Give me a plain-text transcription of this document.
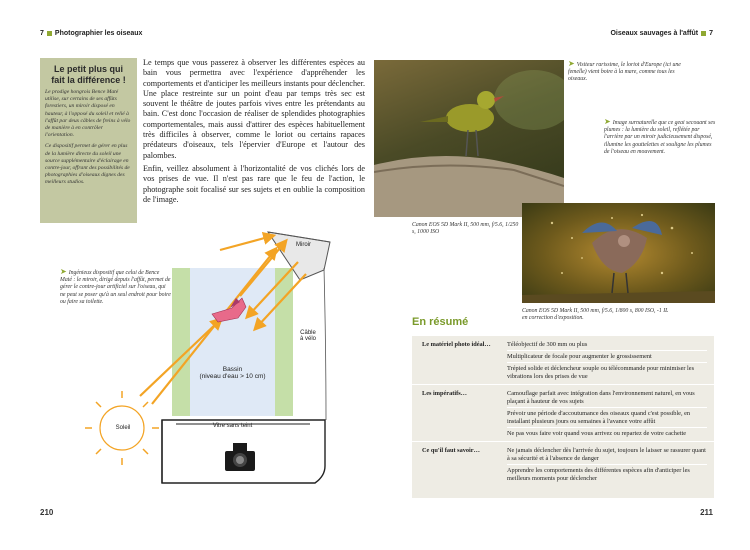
7 Photographier les oiseaux
Le petit plus qui
fait la différence !

Le prodige hongrois Bence Maté utilise, sur certains de ses affûts forestiers, un miroir disposé en hauteur, à l'opposé du soleil et relié à l'affût par deux câbles de freins à vélo de manière à en contrôler l'orientation.

Ce dispositif permet de gérer en plus de la lumière directe du soleil une source supplémentaire d'éclairage en contre-jour, offrant des possibilités de photographies d'oiseaux dignes des meilleurs studios.

Le temps que vous passerez à observer les différentes espèces au bain vous permettra avec l'expérience d'appréhender les comportements et d'anticiper les meilleurs instants pour déclencher. Une place restreinte sur un point d'eau par temps très sec est souvent le théâtre de joutes parfois vives entre les prétendants au bain. C'est donc l'occasion de réaliser de splendides photographies comportementales, mais aussi d'attirer des espèces habituellement très difficiles à observer, comme le loriot ou certains rapaces prédateurs d'oiseaux, tels l'épervier d'Europe et l'autour des palombes.

Enfin, veillez absolument à l'horizontalité de vos clichés lors de vos prises de vue. Il n'est pas rare que le feu de l'action, le photographe soit focalisé sur ses sujets et en oublie la composition de l'image.

➤ Ingénieux dispositif que celui de Bence Maté : le miroir, dirigé depuis l'affût, permet de gérer le contre-jour artificiel sur l'oiseau, qui ne peut se poser qu'à un seul endroit pour boire ou faire sa toilette.
Miroir
Câble
à vélo
Bassin
(niveau d'eau > 10 cm)
Soleil	Vitre sans teint
210
Oiseaux sauvages à l'affût 7
➤ Visiteur rarissime, le loriot d'Europe (ici une femelle) vient boire à la mare, comme tous les oiseaux.
Canon EOS 5D Mark II, 500 mm, f/5.6, 1/250 s, 1000 ISO
➤ Image surnaturelle que ce geai secouant ses plumes : la lumière du soleil, reflétée par l'arrière par un miroir judicieusement disposé, illumine les gouttelettes et souligne les plumes de l'oiseau en mouvement.
Canon EOS 5D Mark II, 500 mm, f/5.6, 1/800 s, 800 ISO, -1 IL
en correction d'exposition.
En résumé
Le matériel photo idéal…	Téléobjectif de 300 mm ou plus
Multiplicateur de focale pour augmenter le grossissement
Trépied solide et déclencheur souple ou télécommande pour minimiser les vibrations lors des prises de vue
Les impératifs…	Camouflage parfait avec intégration dans l'environnement naturel, en vous plaçant à hauteur de vos sujets
Prévoir une période d'accoutumance des oiseaux quand c'est possible, en installant plusieurs jours ou semaines à l'avance votre affût
Ne pas vous faire voir quand vous arrivez ou repartez de votre cachette
Ce qu'il faut savoir…	Ne jamais déclencher dès l'arrivée du sujet, toujours le laisser se rassurer quant à sa sécurité et à l'absence de danger
Apprendre les comportements des différentes espèces afin d'anticiper les meilleurs moments pour déclencher
211
